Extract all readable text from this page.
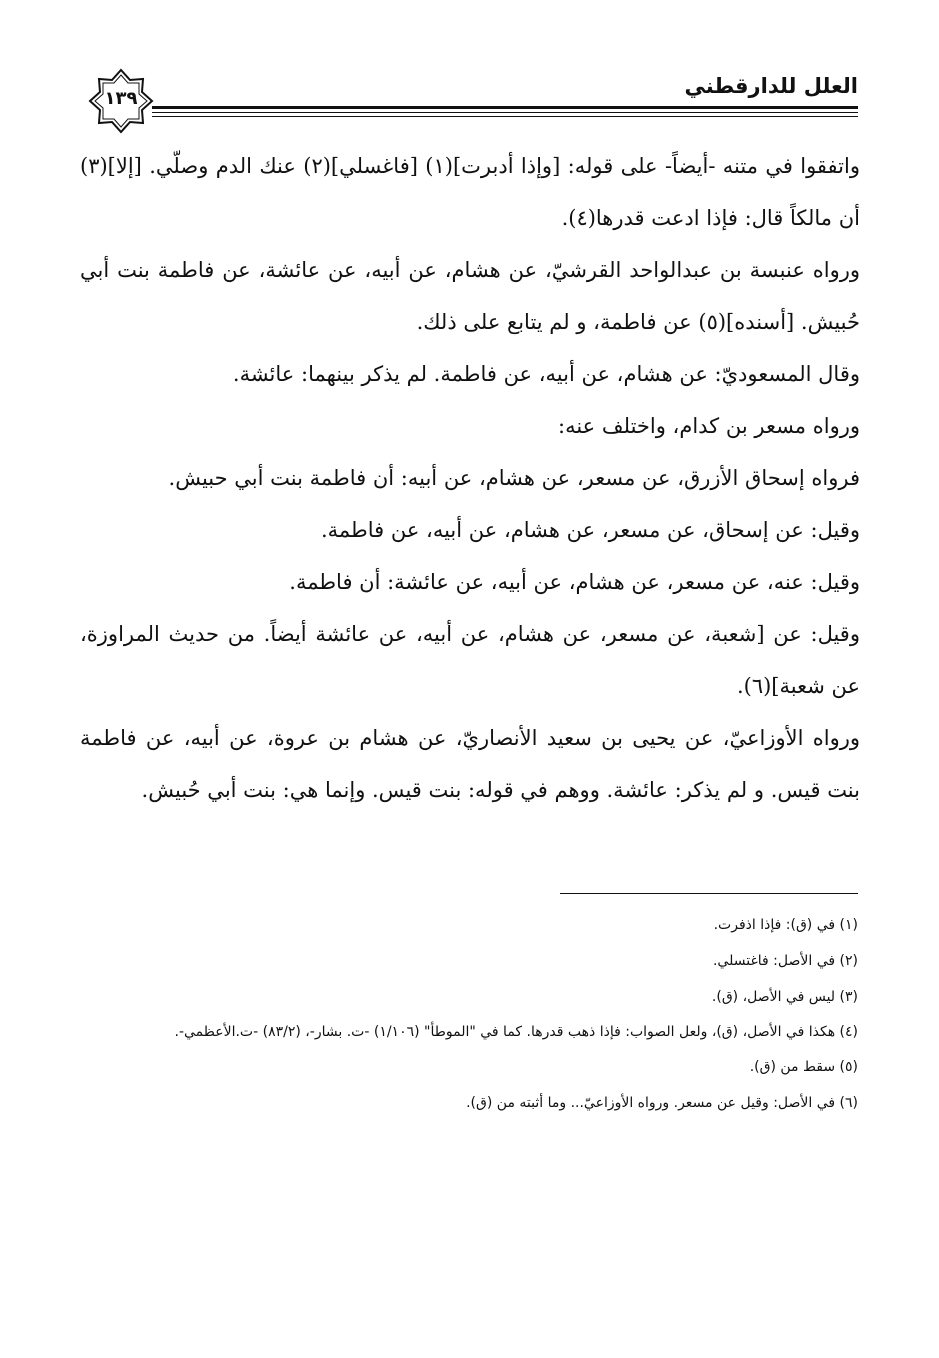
١٣٩
العلل للدارقطني

واتفقوا في متنه -أيضاً- على قوله: [وإذا أدبرت](١) [فاغسلي](٢) عنك الدم وصلّي. [إلا](٣) أن مالكاً قال: فإذا ادعت قدرها(٤).

ورواه عنبسة بن عبدالواحد القرشيّ، عن هشام، عن أبيه، عن عائشة، عن فاطمة بنت أبي حُبيش. [أسنده](٥) عن فاطمة، و لم يتابع على ذلك.

وقال المسعوديّ: عن هشام، عن أبيه، عن فاطمة. لم يذكر بينهما: عائشة.

ورواه مسعر بن كدام، واختلف عنه:

فرواه إسحاق الأزرق، عن مسعر، عن هشام، عن أبيه: أن فاطمة بنت أبي حبيش.

وقيل: عن إسحاق، عن مسعر، عن هشام، عن أبيه، عن فاطمة.

وقيل: عنه، عن مسعر، عن هشام، عن أبيه، عن عائشة: أن فاطمة.

وقيل: عن [شعبة، عن مسعر، عن هشام، عن أبيه، عن عائشة أيضاً. من حديث المراوزة، عن شعبة](٦).

ورواه الأوزاعيّ، عن يحيى بن سعيد الأنصاريّ، عن هشام بن عروة، عن أبيه، عن فاطمة بنت قيس. و لم يذكر: عائشة. ووهم في قوله: بنت قيس. وإنما هي: بنت أبي حُبيش.

(١) في (ق): فإذا اذفرت.

(٢) في الأصل: فاغتسلي.

(٣) ليس في الأصل، (ق).

(٤) هكذا في الأصل، (ق)، ولعل الصواب: فإذا ذهب قدرها. كما في "الموطأ" (١/١٠٦) -ت. بشار-، (٨٣/٢) -ت.الأعظمي-.

(٥) سقط من (ق).

(٦) في الأصل: وقيل عن مسعر. ورواه الأوزاعيّ... وما أثبته من (ق).
